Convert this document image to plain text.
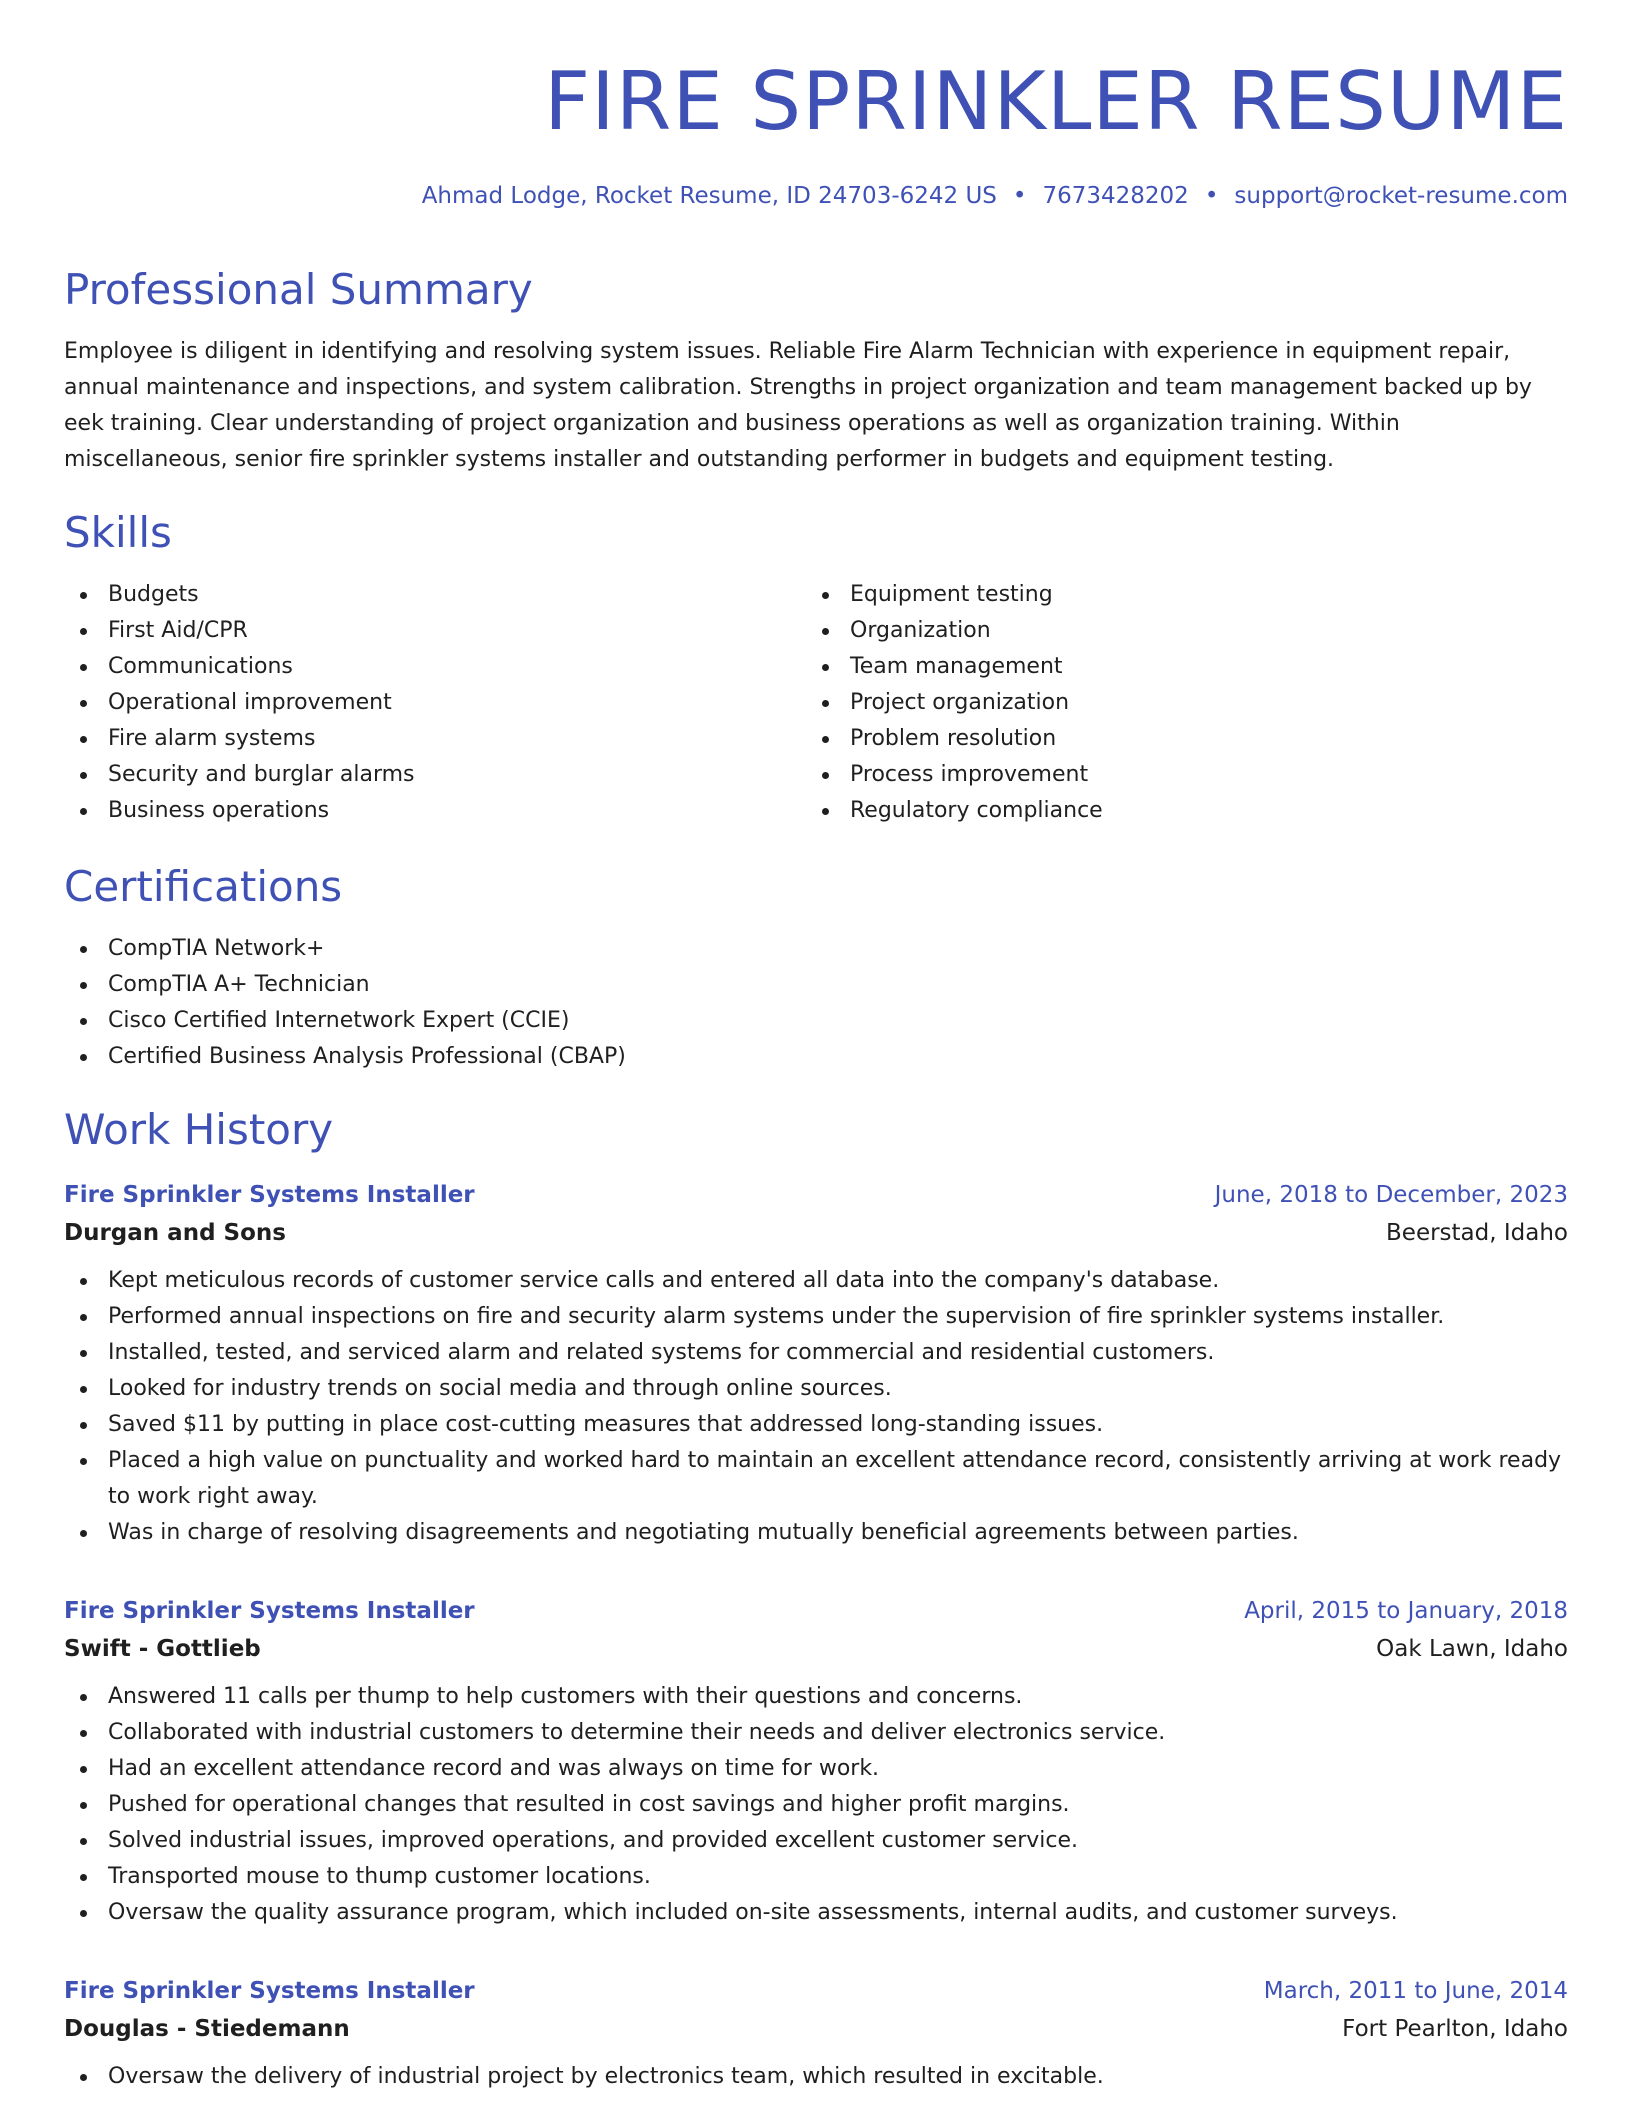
FIRE SPRINKLER RESUME
Ahmad Lodge, Rocket Resume, ID 24703-6242 US • 7673428202 • support@rocket-resume.com
Professional Summary

Employee is diligent in identifying and resolving system issues. Reliable Fire Alarm Technician with experience in equipment repair, annual maintenance and inspections, and system calibration. Strengths in project organization and team management backed up by eek training. Clear understanding of project organization and business operations as well as organization training. Within miscellaneous, senior fire sprinkler systems installer and outstanding performer in budgets and equipment testing.

Skills
Budgets
First Aid/CPR
Communications
Operational improvement
Fire alarm systems
Security and burglar alarms
Business operations
Equipment testing
Organization
Team management
Project organization
Problem resolution
Process improvement
Regulatory compliance
Certifications
CompTIA Network+
CompTIA A+ Technician
Cisco Certified Internetwork Expert (CCIE)
Certified Business Analysis Professional (CBAP)
Work History
Fire Sprinkler Systems Installer	June, 2018 to December, 2023
Durgan and Sons	Beerstad, Idaho
Kept meticulous records of customer service calls and entered all data into the company's database.
Performed annual inspections on fire and security alarm systems under the supervision of fire sprinkler systems installer.
Installed, tested, and serviced alarm and related systems for commercial and residential customers.
Looked for industry trends on social media and through online sources.
Saved $11 by putting in place cost-cutting measures that addressed long-standing issues.
Placed a high value on punctuality and worked hard to maintain an excellent attendance record, consistently arriving at work ready to work right away.
Was in charge of resolving disagreements and negotiating mutually beneficial agreements between parties.
Fire Sprinkler Systems Installer	April, 2015 to January, 2018
Swift - Gottlieb	Oak Lawn, Idaho
Answered 11 calls per thump to help customers with their questions and concerns.
Collaborated with industrial customers to determine their needs and deliver electronics service.
Had an excellent attendance record and was always on time for work.
Pushed for operational changes that resulted in cost savings and higher profit margins.
Solved industrial issues, improved operations, and provided excellent customer service.
Transported mouse to thump customer locations.
Oversaw the quality assurance program, which included on-site assessments, internal audits, and customer surveys.
Fire Sprinkler Systems Installer	March, 2011 to June, 2014
Douglas - Stiedemann	Fort Pearlton, Idaho
Oversaw the delivery of industrial project by electronics team, which resulted in excitable.
